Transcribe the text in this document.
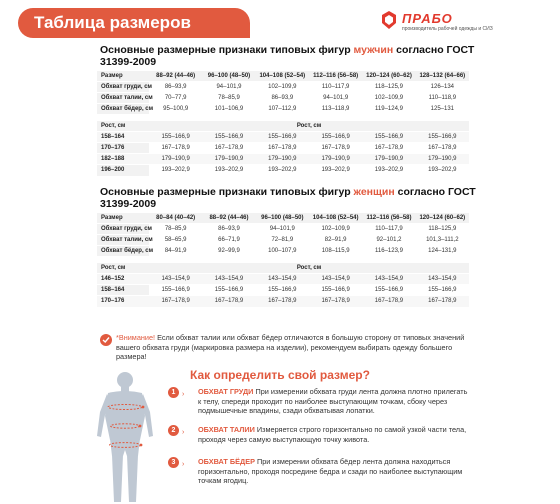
Таблица размеров	ПРАБО
производитель рабочей одежды и СИЗ
Основные размерные признаки типовых фигур мужчин согласно ГОСТ 31399-2009
Размер	88–92 (44–46)	96–100 (48–50)	104–108 (52–54)	112–116 (56–58)	120–124 (60–62)	128–132 (64–66)
Обхват груди, см	86–93,9	94–101,9	102–109,9	110–117,9	118–125,9	126–134
Обхват талии, см	70–77,9	78–85,9	86–93,9	94–101,9	102–109,9	110–118,9
Обхват бёдер, см	95–100,9	101–106,9	107–112,9	113–118,9	119–124,9	125–131

Рост, см	Рост, см					
158–164	155–166,9	155–166,9	155–166,9	155–166,9	155–166,9	155–166,9
170–176	167–178,9	167–178,9	167–178,9	167–178,9	167–178,9	167–178,9
182–188	179–190,9	179–190,9	179–190,9	179–190,9	179–190,9	179–190,9
196–200	193–202,9	193–202,9	193–202,9	193–202,9	193–202,9	193–202,9
Основные размерные признаки типовых фигур женщин согласно ГОСТ 31399-2009
Размер	80–84 (40–42)	88–92 (44–46)	96–100 (48–50)	104–108 (52–54)	112–116 (56–58)	120–124 (60–62)
Обхват груди, см	78–85,9	86–93,9	94–101,9	102–109,9	110–117,9	118–125,9
Обхват талии, см	58–65,9	66–71,9	72–81,9	82–91,9	92–101,2	101,3–111,2
Обхват бёдер, см	84–91,9	92–99,9	100–107,9	108–115,9	116–123,9	124–131,9

Рост, см	Рост, см					
146–152	143–154,9	143–154,9	143–154,9	143–154,9	143–154,9	143–154,9
158–164	155–166,9	155–166,9	155–166,9	155–166,9	155–166,9	155–166,9
170–176	167–178,9	167–178,9	167–178,9	167–178,9	167–178,9	167–178,9
*Внимание! Если обхват талии или обхват бёдер отличаются в большую сторону от типовых значений вашего обхвата груди (маркировка размера на изделии), рекомендуем выбирать одежду большего размера!
Как определить свой размер?
1 › ОБХВАТ ГРУДИ При измерении обхвата груди лента должна плотно прилегать к телу, спереди проходит по наиболее выступающим точкам, сбоку через подмышечные впадины, сзади обхватывая лопатки.
2 › ОБХВАТ ТАЛИИ Измеряется строго горизонтально по самой узкой части тела, проходя через самую выступающую точку живота.
3 › ОБХВАТ БЁДЕР При измерении обхвата бёдер лента должна находиться горизонтально, проходя посредине бедра и сзади по наиболее выступающим точкам ягодиц.
